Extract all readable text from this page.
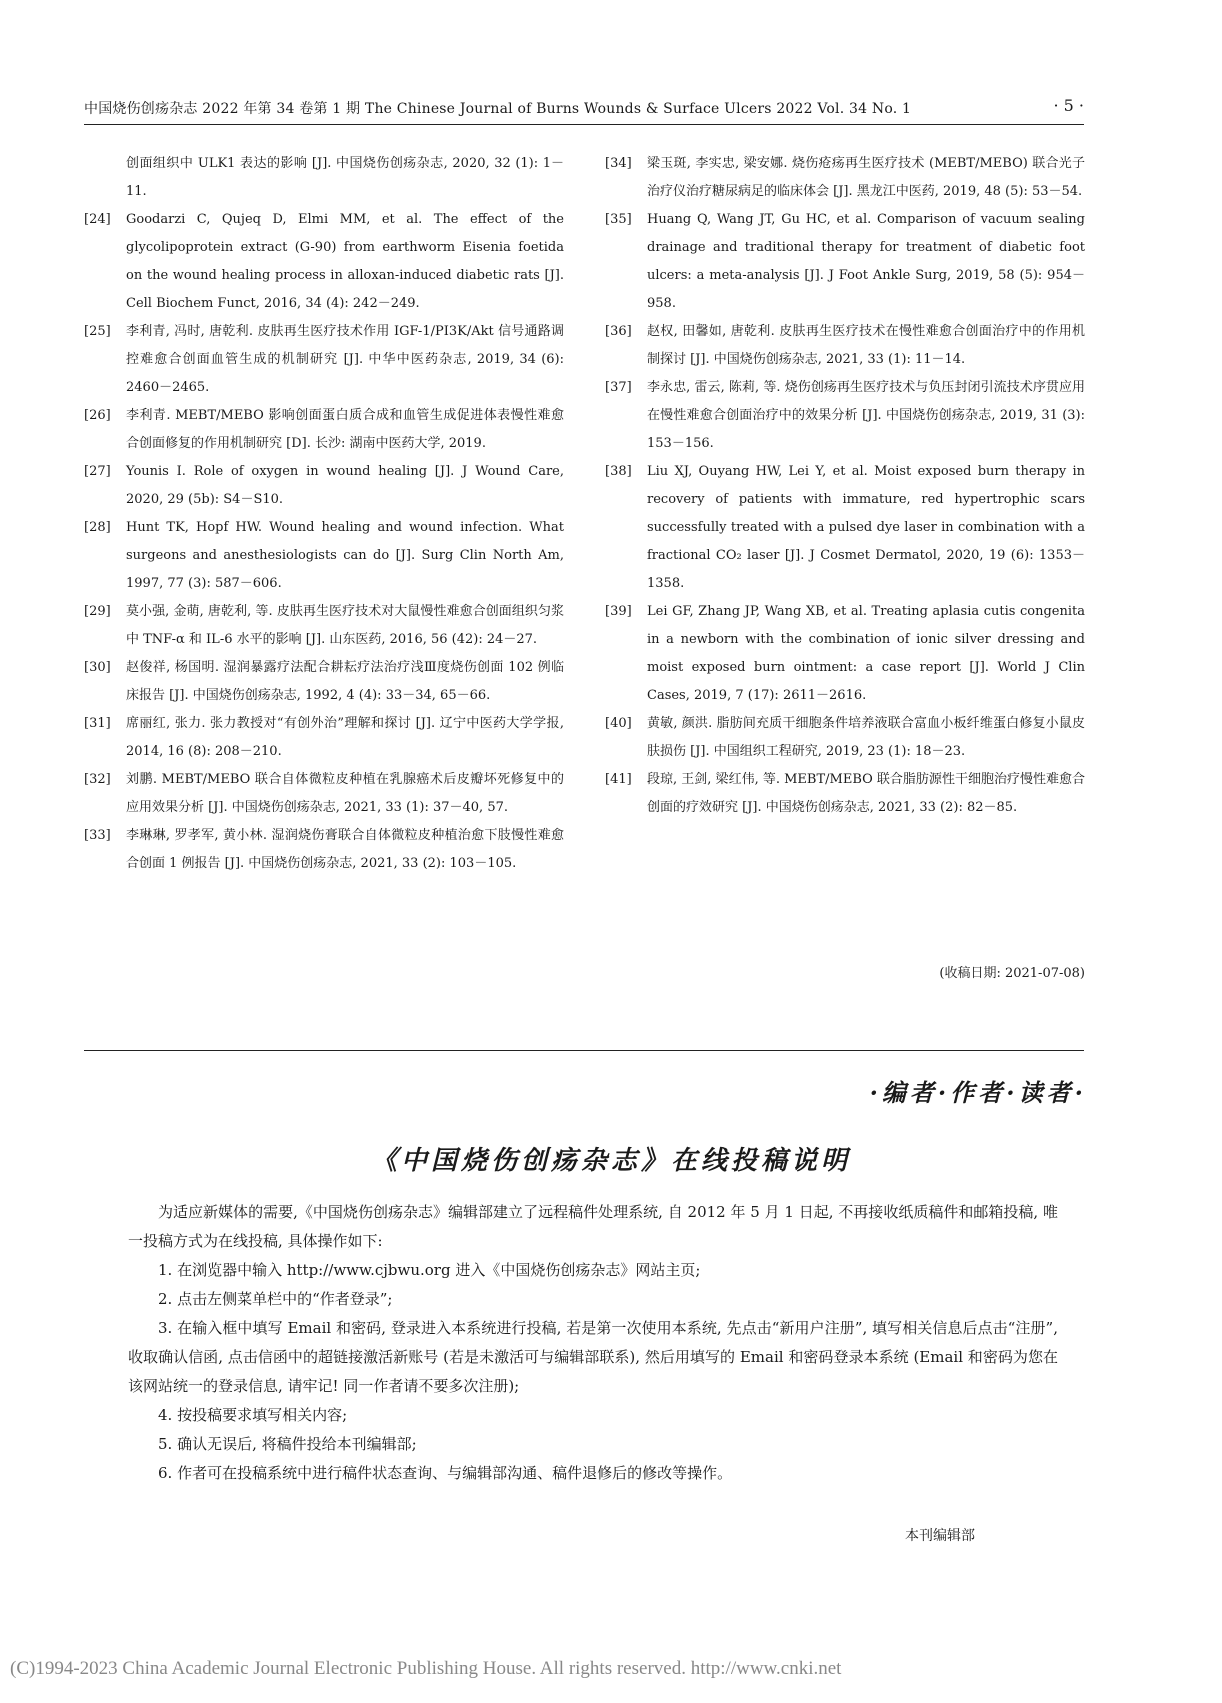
中国烧伤创疡杂志 2022 年第 34 卷第 1 期 The Chinese Journal of Burns Wounds & Surface Ulcers 2022 Vol. 34 No. 1	· 5 ·
创面组织中 ULK1 表达的影响 [J]. 中国烧伤创疡杂志, 2020, 32 (1): 1－11.
[24]	Goodarzi C, Qujeq D, Elmi MM, et al. The effect of the glycolipoprotein extract (G-90) from earthworm Eisenia foetida on the wound healing process in alloxan-induced diabetic rats [J]. Cell Biochem Funct, 2016, 34 (4): 242－249.
[25]	李利青, 冯时, 唐乾利. 皮肤再生医疗技术作用 IGF-1/PI3K/Akt 信号通路调控难愈合创面血管生成的机制研究 [J]. 中华中医药杂志, 2019, 34 (6): 2460－2465.
[26]	李利青. MEBT/MEBO 影响创面蛋白质合成和血管生成促进体表慢性难愈合创面修复的作用机制研究 [D]. 长沙: 湖南中医药大学, 2019.
[27]	Younis I. Role of oxygen in wound healing [J]. J Wound Care, 2020, 29 (5b): S4－S10.
[28]	Hunt TK, Hopf HW. Wound healing and wound infection. What surgeons and anesthesiologists can do [J]. Surg Clin North Am, 1997, 77 (3): 587－606.
[29]	莫小强, 金萌, 唐乾利, 等. 皮肤再生医疗技术对大鼠慢性难愈合创面组织匀浆中 TNF-α 和 IL-6 水平的影响 [J]. 山东医药, 2016, 56 (42): 24－27.
[30]	赵俊祥, 杨国明. 湿润暴露疗法配合耕耘疗法治疗浅Ⅲ度烧伤创面 102 例临床报告 [J]. 中国烧伤创疡杂志, 1992, 4 (4): 33－34, 65－66.
[31]	席丽红, 张力. 张力教授对“有创外治”理解和探讨 [J]. 辽宁中医药大学学报, 2014, 16 (8): 208－210.
[32]	刘鹏. MEBT/MEBO 联合自体微粒皮种植在乳腺癌术后皮瓣坏死修复中的应用效果分析 [J]. 中国烧伤创疡杂志, 2021, 33 (1): 37－40, 57.
[33]	李琳琳, 罗孝军, 黄小林. 湿润烧伤膏联合自体微粒皮种植治愈下肢慢性难愈合创面 1 例报告 [J]. 中国烧伤创疡杂志, 2021, 33 (2): 103－105.
[34]	梁玉斑, 李实忠, 梁安娜. 烧伤疮疡再生医疗技术 (MEBT/MEBO) 联合光子治疗仪治疗糖尿病足的临床体会 [J]. 黑龙江中医药, 2019, 48 (5): 53－54.
[35]	Huang Q, Wang JT, Gu HC, et al. Comparison of vacuum sealing drainage and traditional therapy for treatment of diabetic foot ulcers: a meta-analysis [J]. J Foot Ankle Surg, 2019, 58 (5): 954－958.
[36]	赵权, 田馨如, 唐乾利. 皮肤再生医疗技术在慢性难愈合创面治疗中的作用机制探讨 [J]. 中国烧伤创疡杂志, 2021, 33 (1): 11－14.
[37]	李永忠, 雷云, 陈莉, 等. 烧伤创疡再生医疗技术与负压封闭引流技术序贯应用在慢性难愈合创面治疗中的效果分析 [J]. 中国烧伤创疡杂志, 2019, 31 (3): 153－156.
[38]	Liu XJ, Ouyang HW, Lei Y, et al. Moist exposed burn therapy in recovery of patients with immature, red hypertrophic scars successfully treated with a pulsed dye laser in combination with a fractional CO₂ laser [J]. J Cosmet Dermatol, 2020, 19 (6): 1353－1358.
[39]	Lei GF, Zhang JP, Wang XB, et al. Treating aplasia cutis congenita in a newborn with the combination of ionic silver dressing and moist exposed burn ointment: a case report [J]. World J Clin Cases, 2019, 7 (17): 2611－2616.
[40]	黄敏, 颜洪. 脂肪间充质干细胞条件培养液联合富血小板纤维蛋白修复小鼠皮肤损伤 [J]. 中国组织工程研究, 2019, 23 (1): 18－23.
[41]	段琼, 王剑, 梁红伟, 等. MEBT/MEBO 联合脂肪源性干细胞治疗慢性难愈合创面的疗效研究 [J]. 中国烧伤创疡杂志, 2021, 33 (2): 82－85.
(收稿日期: 2021-07-08)
·编者·作者·读者·
《中国烧伤创疡杂志》在线投稿说明

为适应新媒体的需要,《中国烧伤创疡杂志》编辑部建立了远程稿件处理系统, 自 2012 年 5 月 1 日起, 不再接收纸质稿件和邮箱投稿, 唯一投稿方式为在线投稿, 具体操作如下:

1. 在浏览器中输入 http://www.cjbwu.org 进入《中国烧伤创疡杂志》网站主页;

2. 点击左侧菜单栏中的“作者登录”;

3. 在输入框中填写 Email 和密码, 登录进入本系统进行投稿, 若是第一次使用本系统, 先点击“新用户注册”, 填写相关信息后点击“注册”, 收取确认信函, 点击信函中的超链接激活新账号 (若是未激活可与编辑部联系), 然后用填写的 Email 和密码登录本系统 (Email 和密码为您在该网站统一的登录信息, 请牢记! 同一作者请不要多次注册);

4. 按投稿要求填写相关内容;

5. 确认无误后, 将稿件投给本刊编辑部;

6. 作者可在投稿系统中进行稿件状态查询、与编辑部沟通、稿件退修后的修改等操作。

本刊编辑部
(C)1994-2023 China Academic Journal Electronic Publishing House. All rights reserved. http://www.cnki.net
